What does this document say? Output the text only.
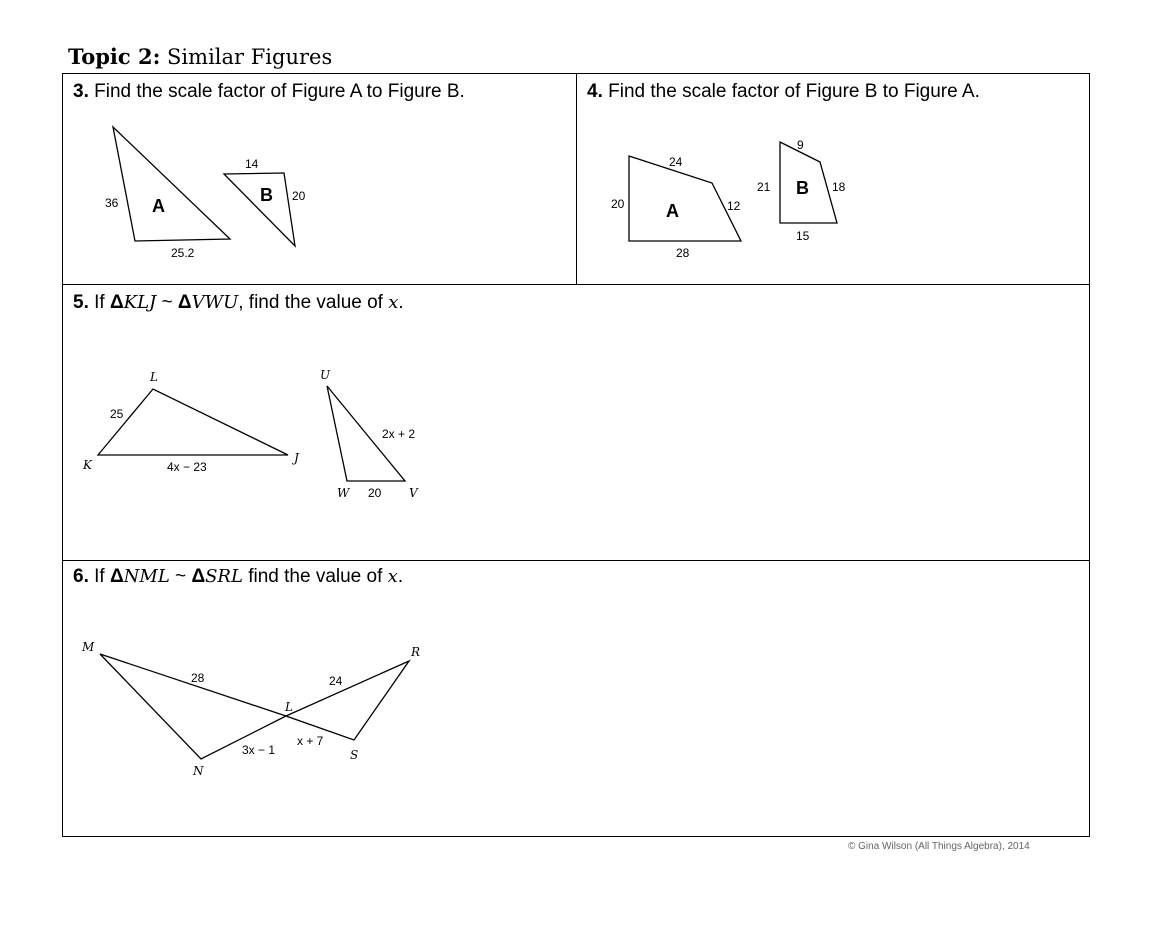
Topic 2: Similar Figures
3. Find the scale factor of Figure A to Figure B.
36 A
25.2
14
B 20
4. Find the scale factor of Figure B to Figure A.
24
20 A	12
28
9
21 B 18
15
5. If ΔKLJ ~ ΔVWU, find the value of x.
L
K	J
25
4x − 23
U
W	V
2x + 2
20
6. If ΔNML ~ ΔSRL find the value of x.
M	R
L
N
S
28	24
3x − 1
x + 7
© Gina Wilson (All Things Algebra), 2014
